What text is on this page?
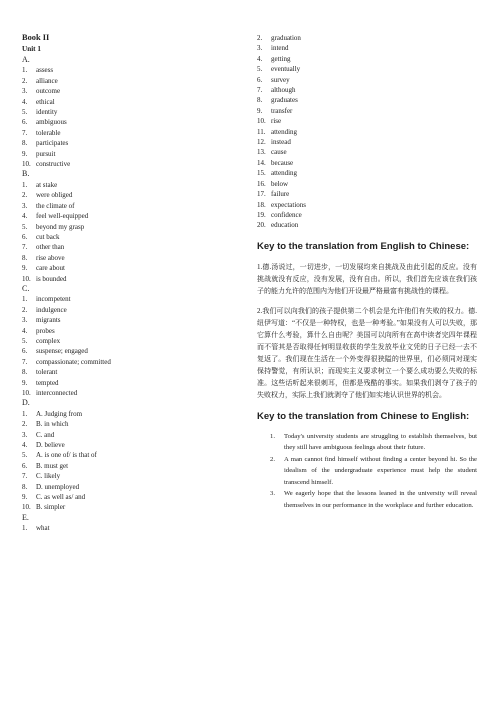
Book II

Unit 1

A.

1. assess
2. alliance
3. outcome
4. ethical
5. identity
6. ambiguous
7. tolerable
8. participates
9. pursuit
10. constructive

B.

1. at stake
2. were obliged
3. the climate of
4. feel well-equipped
5. beyond my grasp
6. cut back
7. other than
8. rise above
9. care about
10. is bounded

C.

1. incompetent
2. indulgence
3. migrants
4. probes
5. complex
6. suspense; engaged
7. compassionate; committed
8. tolerant
9. tempted
10. interconnected

D.

1. A. Judging from
2. B. in which
3. C. and
4. D. believe
5. A. is one of/ is that of
6. B. must get
7. C. likely
8. D. unemployed
9. C. as well as/ and
10. B. simpler

E.

1. what
2. graduation
3. intend
4. getting
5. eventually
6. survey
7. although
8. graduates
9. transfer
10. rise
11. attending
12. instead
13. cause
14. because
15. attending
16. below
17. failure
18. expectations
19. confidence
20. education

Key to the translation from English to Chinese:

1.德.汤说过，一切进步，一切发展均来自挑战及由此引起的反应。没有挑战就没有反应，没有发展，没有自由。所以，我们首先应该在我们孩子的能力允许的范围内为他们开设最严格最富有挑战性的课程。

2.我们可以向我们的孩子提供第二个机会是允许他们有失败的权力。德.纽伊写道：“不仅是一种特权，也是一种考验。”如果没有人可以失败，那它算什么考验，算什么自由呢？美国可以向所有在高中读者完四年课程而不管其是否取得任何明显收获的学生发放毕业文凭的日子已经一去不复返了。我们现在生活在一个外变得很狭隘的世界里，们必须同对现实保持警觉，有所认识；而现实主义要求树立一个要么成功要么失败的标准。这些话听起来很刺耳，但都是残酷的事实。如果我们剥夺了孩子的失败权力，实际上我们就剥夺了他们如实地认识世界的机会。

Key to the translation from Chinese to English:

1. Today's university students are struggling to establish themselves, but they still have ambiguous feelings about their future.
2. A man cannot find himself without finding a center beyond hi. So the idealism of the undergraduate experience must help the student transcend himself.
3. We eagerly hope that the lessons leaned in the university will reveal themselves in our performance in the workplace and further education.
